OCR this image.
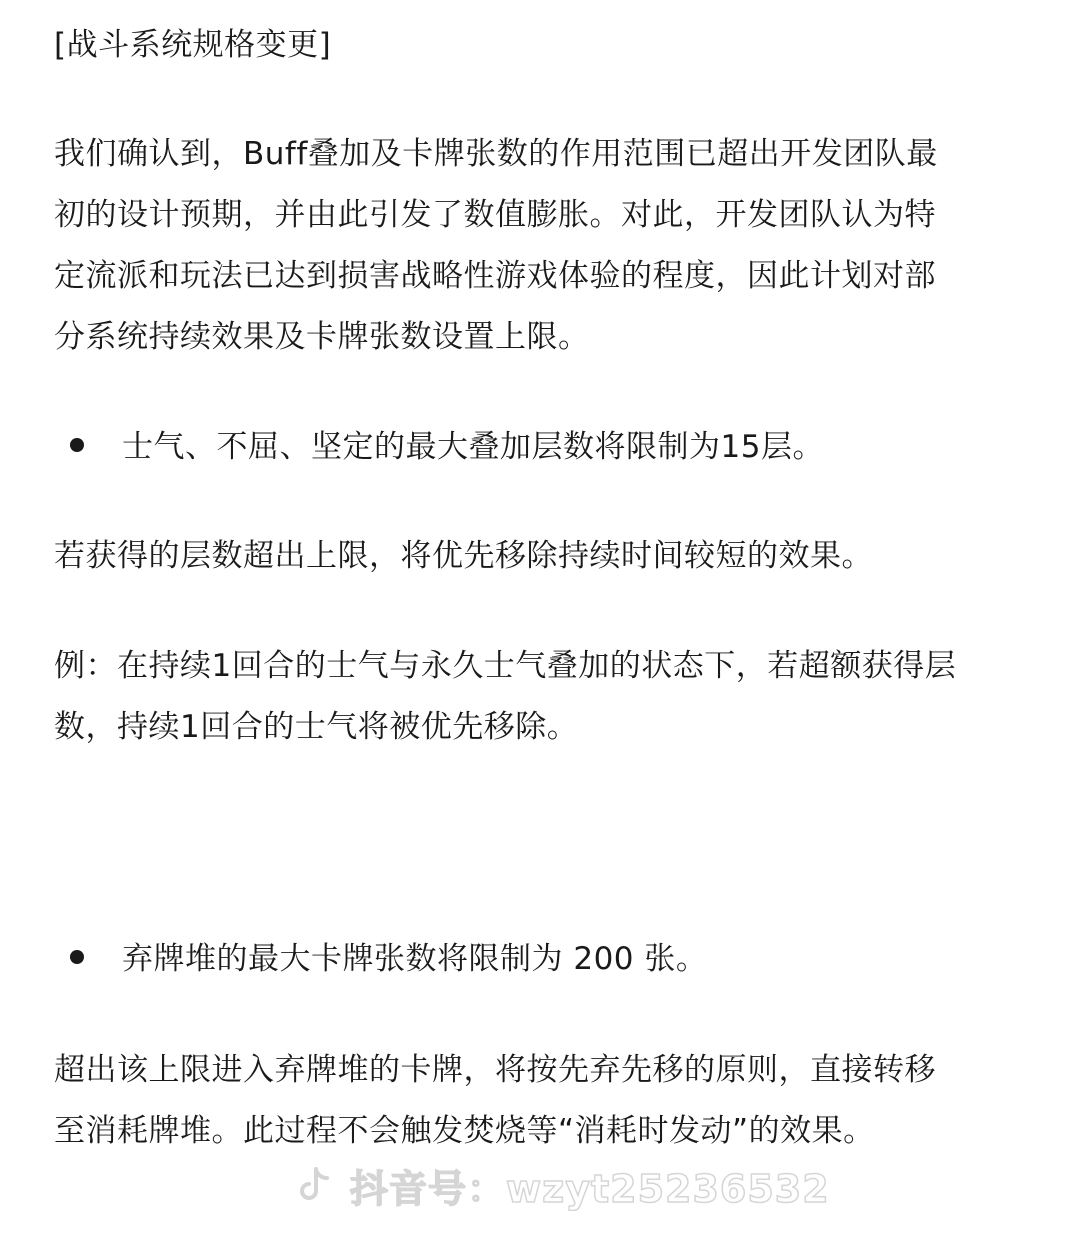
[战斗系统规格变更]
我们确认到，Buff叠加及卡牌张数的作用范围已超出开发团队最
初的设计预期，并由此引发了数值膨胀。对此，开发团队认为特
定流派和玩法已达到损害战略性游戏体验的程度，因此计划对部
分系统持续效果及卡牌张数设置上限。
士气、不屈、坚定的最大叠加层数将限制为15层。
若获得的层数超出上限，将优先移除持续时间较短的效果。
例：在持续1回合的士气与永久士气叠加的状态下，若超额获得层
数，持续1回合的士气将被优先移除。
弃牌堆的最大卡牌张数将限制为 200 张。
超出该上限进入弃牌堆的卡牌，将按先弃先移的原则，直接转移
至消耗牌堆。此过程不会触发焚烧等“消耗时发动”的效果。
抖音号：wzyt25236532
